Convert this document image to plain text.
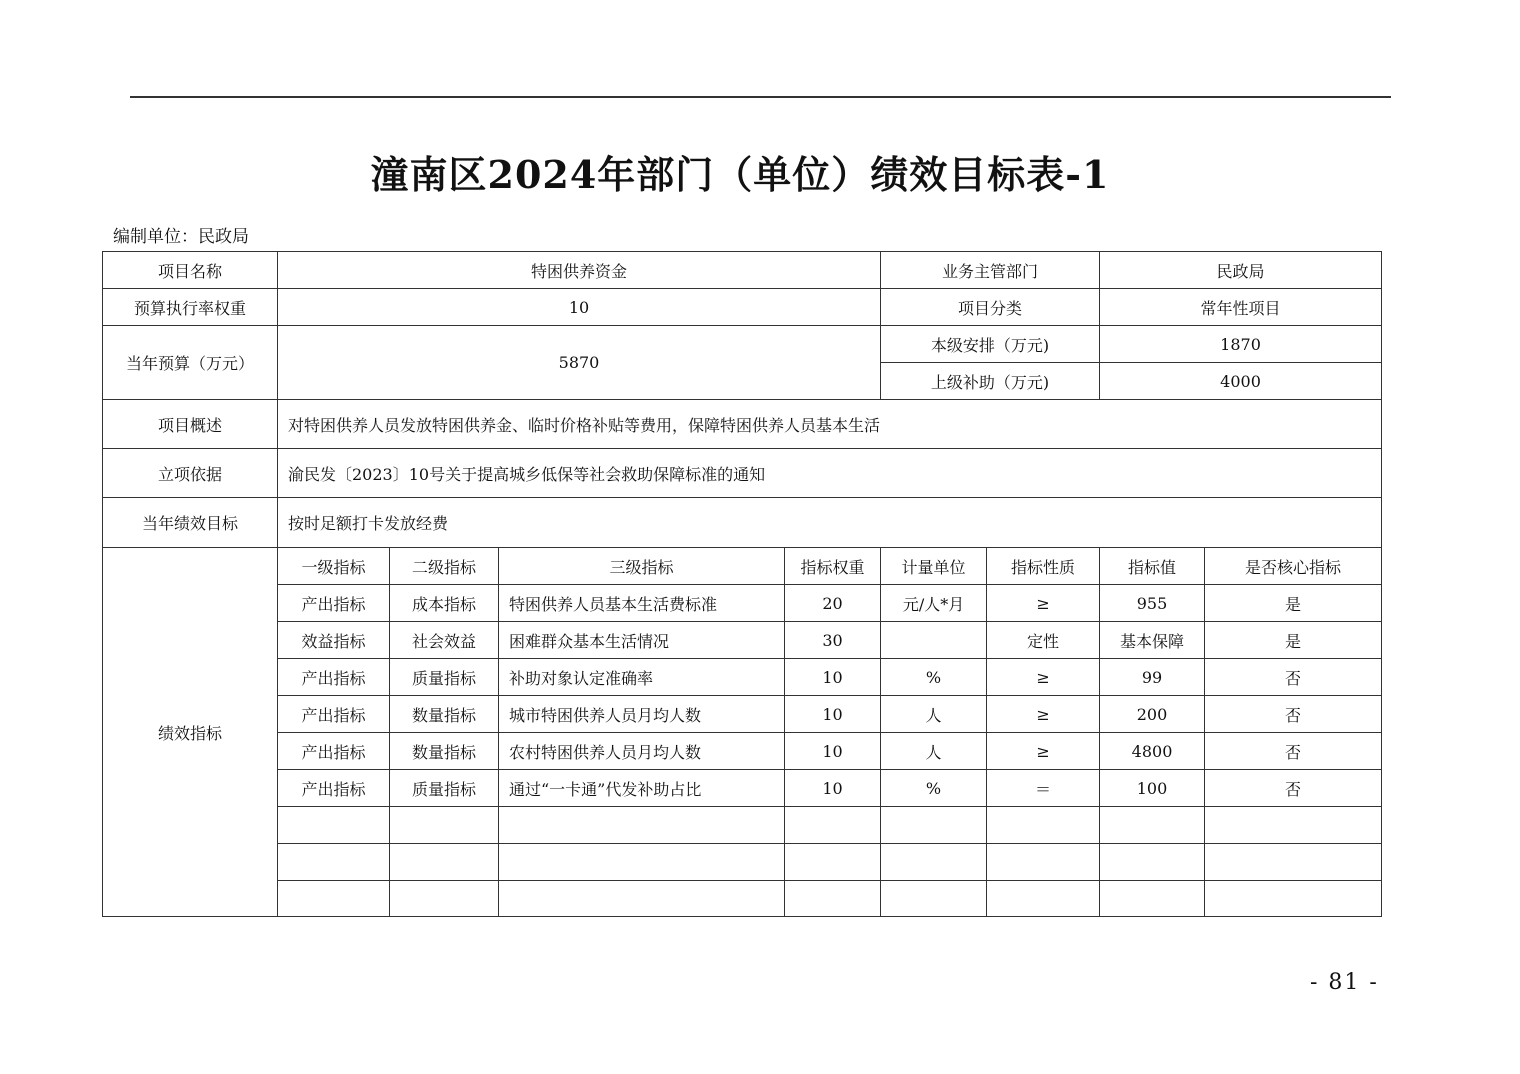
潼南区2024年部门（单位）绩效目标表-1
编制单位：民政局
项目名称	特困供养资金				业务主管部门		民政局	
预算执行率权重	10				项目分类		常年性项目	
当年预算（万元）	5870				本级安排（万元)		1870	
					上级补助（万元)		4000	
项目概述	对特困供养人员发放特困供养金、临时价格补贴等费用，保障特困供养人员基本生活							
立项依据	渝民发〔2023〕10号关于提高城乡低保等社会救助保障标准的通知							
当年绩效目标	按时足额打卡发放经费							
绩效指标	一级指标	二级指标	三级指标	指标权重	计量单位	指标性质	指标值	是否核心指标
	产出指标	成本指标	特困供养人员基本生活费标准	20	元/人*月	≥	955	是
	效益指标	社会效益	困难群众基本生活情况	30		定性	基本保障	是
	产出指标	质量指标	补助对象认定准确率	10	%	≥	99	否
	产出指标	数量指标	城市特困供养人员月均人数	10	人	≥	200	否
	产出指标	数量指标	农村特困供养人员月均人数	10	人	≥	4800	否
	产出指标	质量指标	通过“一卡通”代发补助占比	10	%	＝	100	否

- 81 -
